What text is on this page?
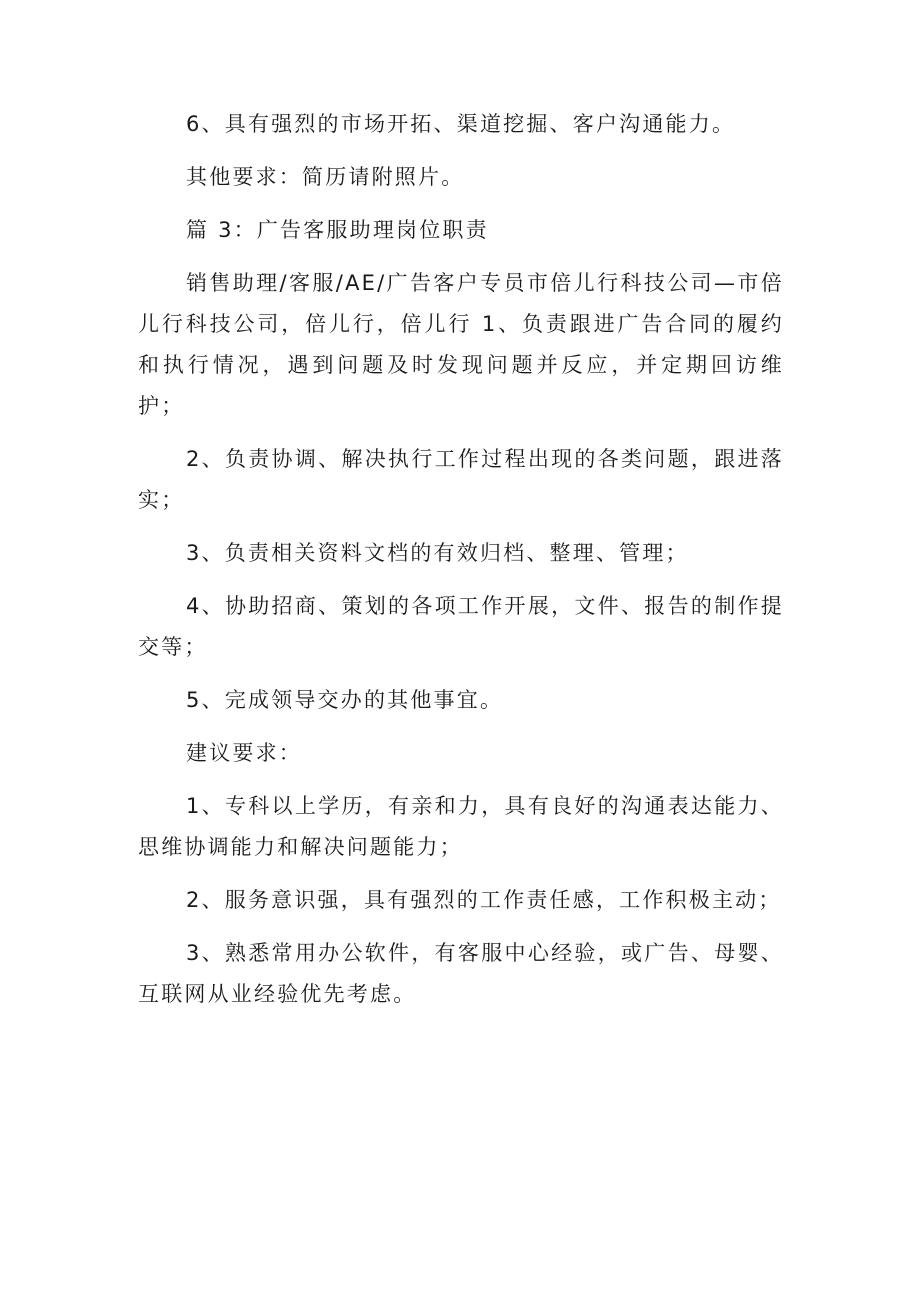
6、具有强烈的市场开拓、渠道挖掘、客户沟通能力。

其他要求：简历请附照片。

篇 3：广告客服助理岗位职责

销售助理/客服/AE/广告客户专员市倍儿行科技公司—市倍儿行科技公司，倍儿行，倍儿行 1、负责跟进广告合同的履约和执行情况，遇到问题及时发现问题并反应，并定期回访维护；

2、负责协调、解决执行工作过程出现的各类问题，跟进落实；

3、负责相关资料文档的有效归档、整理、管理；

4、协助招商、策划的各项工作开展，文件、报告的制作提交等；

5、完成领导交办的其他事宜。

建议要求：

1、专科以上学历，有亲和力，具有良好的沟通表达能力、思维协调能力和解决问题能力；

2、服务意识强，具有强烈的工作责任感，工作积极主动；

3、熟悉常用办公软件，有客服中心经验，或广告、母婴、互联网从业经验优先考虑。
